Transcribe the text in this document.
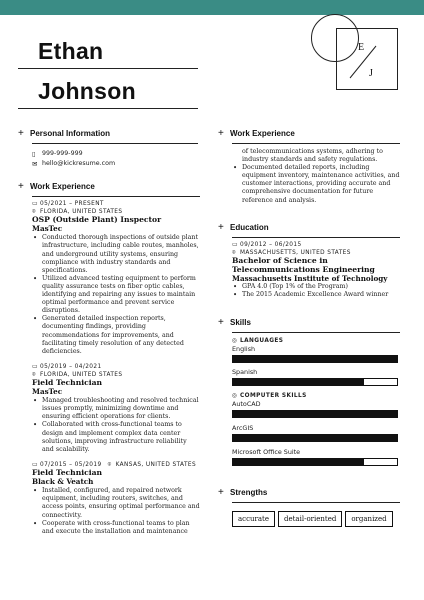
Ethan
Johnson
E
J
+ Personal Information
▯	999-999-999
✉ hello@kickresume.com
+ Work Experience
▭ 05/2021 – PRESENT
⌾ FLORIDA, UNITED STATES
OSP (Outside Plant) Inspector
MasTec
• Conducted thorough inspections of outside plant infrastructure, including cable routes, manholes, and underground utility systems, ensuring compliance with industry standards and specifications.
• Utilized advanced testing equipment to perform quality assurance tests on fiber optic cables, identifying and repairing any issues to maintain optimal performance and prevent service disruptions.
• Generated detailed inspection reports, documenting findings, providing recommendations for improvements, and facilitating timely resolution of any detected deficiencies.
▭ 05/2019 – 04/2021
⌾ FLORIDA, UNITED STATES
Field Technician
MasTec
• Managed troubleshooting and resolved technical issues promptly, minimizing downtime and ensuring efficient operations for clients.
• Collaborated with cross-functional teams to design and implement complex data center solutions, improving infrastructure reliability and scalability.
▭ 07/2015 – 05/2019 ⌾ KANSAS, UNITED STATES
Field Technician
Black & Veatch
• Installed, configured, and repaired network equipment, including routers, switches, and access points, ensuring optimal performance and connectivity.
• Cooperate with cross-functional teams to plan and execute the installation and maintenance
+ Work Experience
of telecommunications systems, adhering to industry standards and safety regulations.
• Documented detailed reports, including equipment inventory, maintenance activities, and customer interactions, providing accurate and comprehensive documentation for future reference and analysis.
+ Education
▭ 09/2012 – 06/2015
⌾ MASSACHUSETTS, UNITED STATES
Bachelor of Science in
Telecommunications Engineering
Massachusetts Institute of Technology
• GPA 4.0 (Top 1% of the Program)
• The 2015 Academic Excellence Award winner
+ Skills
◎ LANGUAGES
English
Spanish
◎ COMPUTER SKILLS
AutoCAD
ArcGIS
Microsoft Office Suite
+ Strengths
accurate	detail-oriented	organized
